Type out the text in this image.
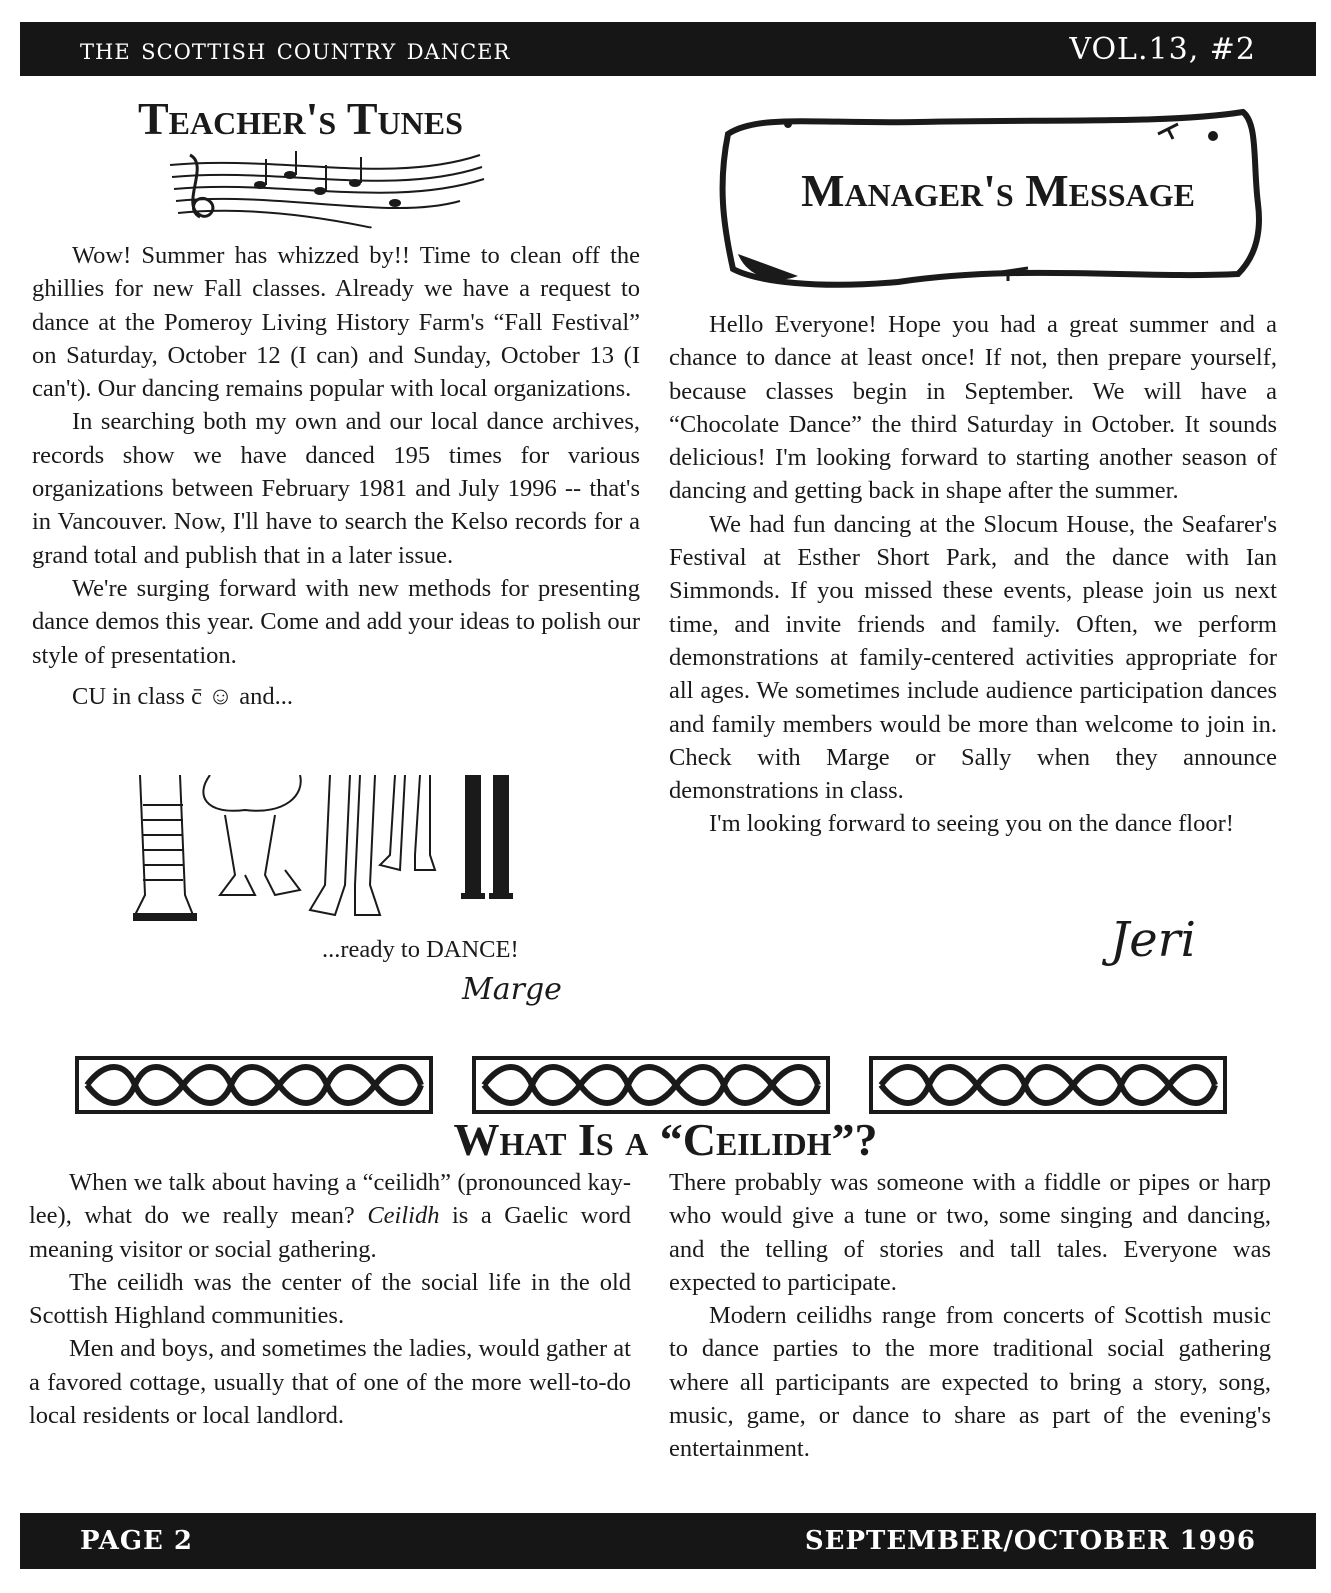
the scottish country dancer	VOL.13, #2
Teacher's Tunes

Wow! Summer has whizzed by!! Time to clean off the ghillies for new Fall classes. Already we have a request to dance at the Pomeroy Living History Farm's “Fall Festival” on Saturday, October 12 (I can) and Sunday, October 13 (I can't). Our dancing remains popular with local organizations.

In searching both my own and our local dance archives, records show we have danced 195 times for various organizations between February 1981 and July 1996 -- that's in Vancouver. Now, I'll have to search the Kelso records for a grand total and publish that in a later issue.

We're surging forward with new methods for presenting dance demos this year. Come and add your ideas to polish our style of presentation.

CU in class c̄ ☺ and...

...ready to DANCE!
Marge
Manager's Message

Hello Everyone! Hope you had a great summer and a chance to dance at least once! If not, then prepare yourself, because classes begin in September. We will have a “Chocolate Dance” the third Saturday in October. It sounds delicious! I'm looking forward to starting another season of dancing and getting back in shape after the summer.

We had fun dancing at the Slocum House, the Seafarer's Festival at Esther Short Park, and the dance with Ian Simmonds. If you missed these events, please join us next time, and invite friends and family. Often, we perform demonstrations at family-centered activities appropriate for all ages. We sometimes include audience participation dances and family members would be more than welcome to join in. Check with Marge or Sally when they announce demonstrations in class.

I'm looking forward to seeing you on the dance floor!

Jeri
What Is a “Ceilidh”?

When we talk about having a “ceilidh” (pronounced kay-lee), what do we really mean? Ceilidh is a Gaelic word meaning visitor or social gathering.

The ceilidh was the center of the social life in the old Scottish Highland communities.

Men and boys, and sometimes the ladies, would gather at a favored cottage, usually that of one of the more well-to-do local residents or local landlord.

There probably was someone with a fiddle or pipes or harp who would give a tune or two, some singing and dancing, and the telling of stories and tall tales. Everyone was expected to participate.

Modern ceilidhs range from concerts of Scottish music to dance parties to the more traditional social gathering where all participants are expected to bring a story, song, music, game, or dance to share as part of the evening's entertainment.

PAGE 2	SEPTEMBER/OCTOBER 1996
